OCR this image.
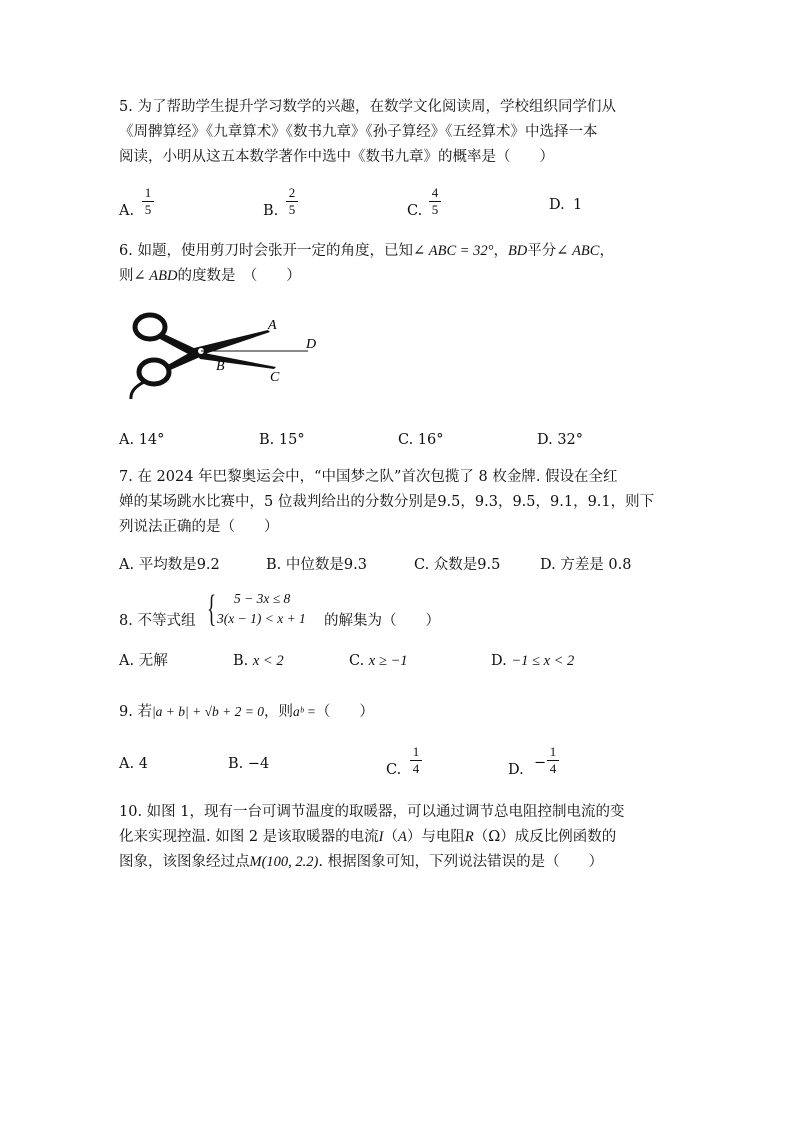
5. 为了帮助学生提升学习数学的兴趣，在数学文化阅读周，学校组织同学们从
《周髀算经》《九章算术》《数书九章》《孙子算经》《五经算术》中选择一本
阅读，小明从这五本数学著作中选中《数书九章》的概率是（　　）
A.
1
5	B.
2
5	C.
4
5	D. 1
6. 如题，使用剪刀时会张开一定的角度，已知∠ ABC = 32°，BD平分∠ ABC，
则∠ ABD的度数是　（　　）
A
B
C
D
A. 14°	B. 15°	C. 16°	D. 32°
7. 在 2024 年巴黎奥运会中，“中国梦之队”首次包揽了 8 枚金牌. 假设在全红
婵的某场跳水比赛中，5 位裁判给出的分数分别是9.5，9.3，9.5，9.1，9.1，则下
列说法正确的是（　　）
A. 平均数是9.2	B. 中位数是9.3	C. 众数是9.5	D. 方差是 0.8
8. 不等式组 { 5 − 3x ≤ 8
3(x − 1) < x + 1 的解集为（　　）
A. 无解	B. x < 2	C. x ≥ −1	D. −1 ≤ x < 2
9. 若|a + b| + √b + 2 = 0，则aᵇ =（　　）
A. 4	B. −4	C.
1
4	D. −
1
4
10. 如图 1，现有一台可调节温度的取暖器，可以通过调节总电阻控制电流的变
化来实现控温. 如图 2 是该取暖器的电流I（A）与电阻R（Ω）成反比例函数的
图象，该图象经过点M(100, 2.2). 根据图象可知，下列说法错误的是（　　）
